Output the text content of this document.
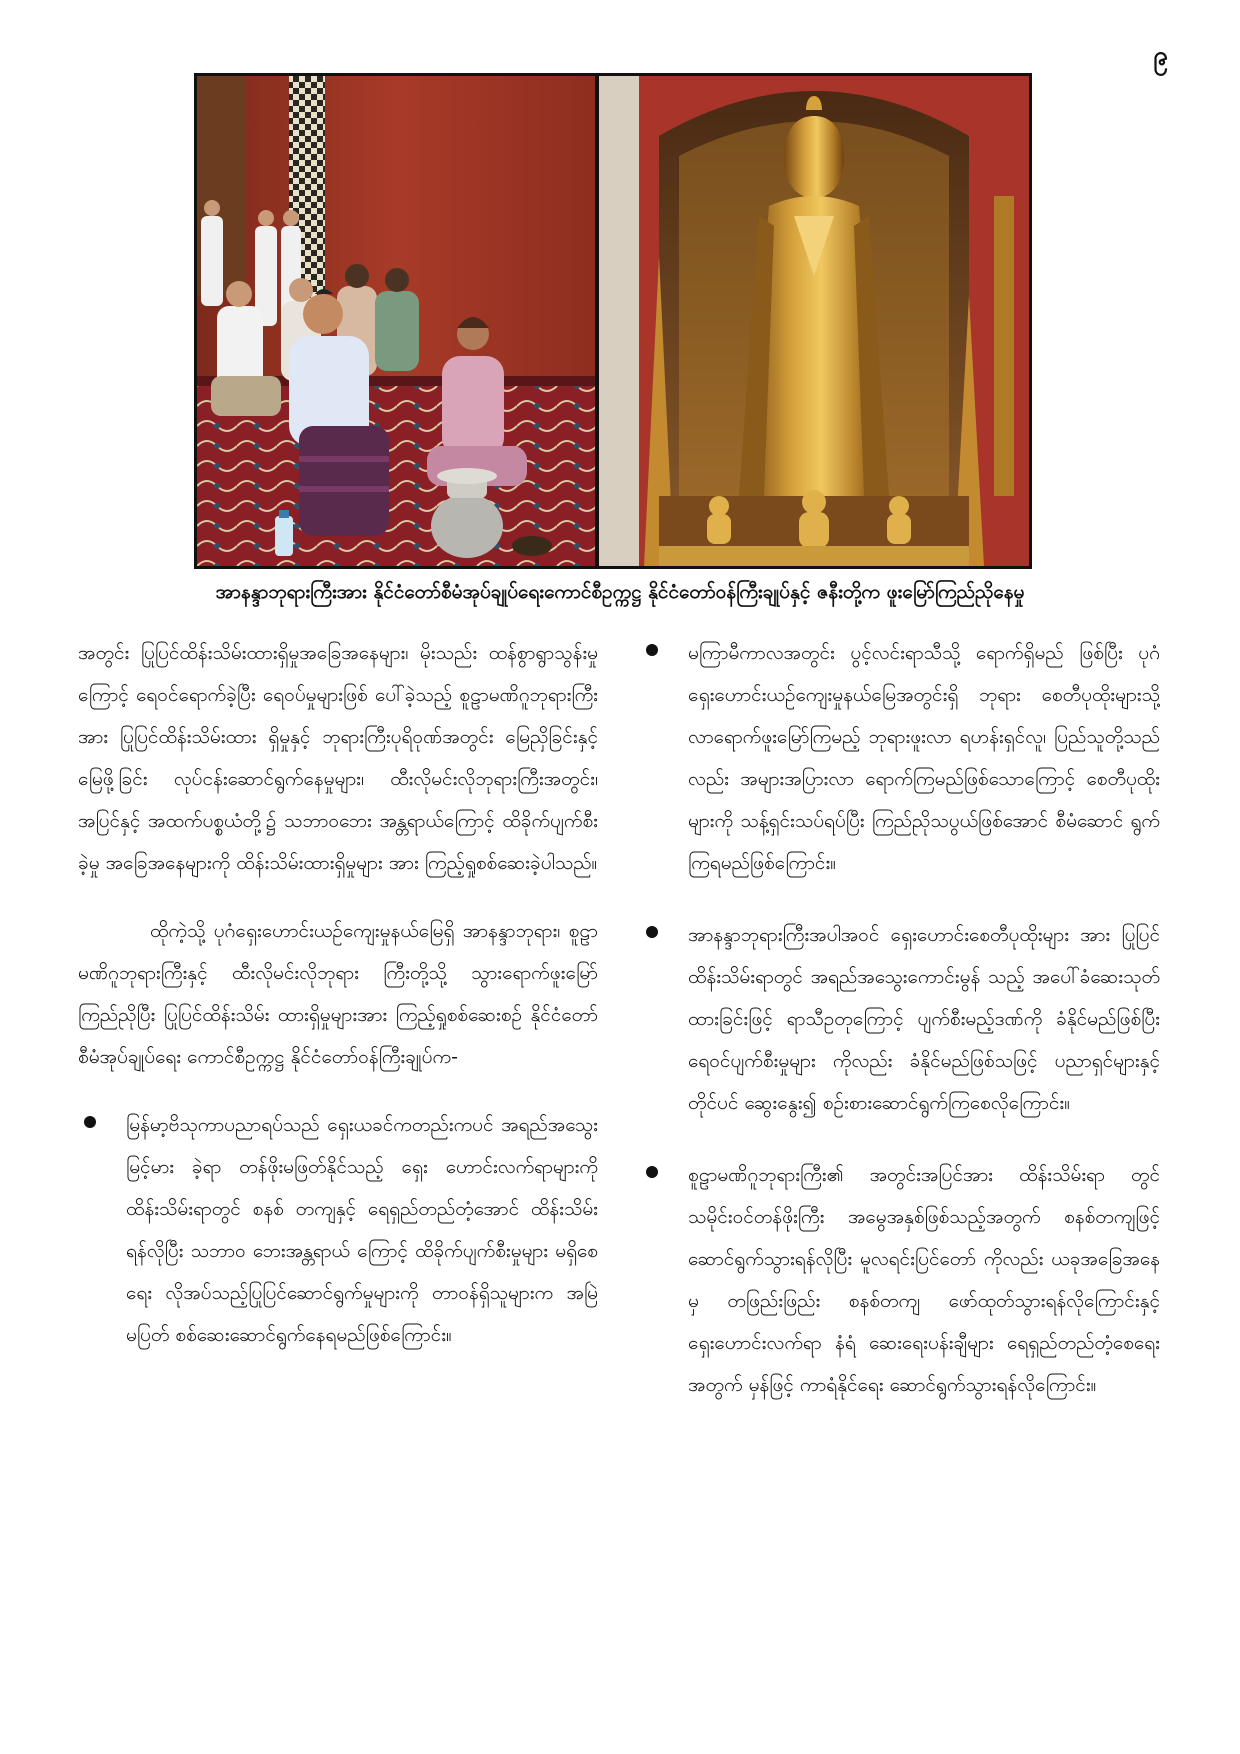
၉
အာနန္ဒာဘုရားကြီးအား နိုင်ငံတော်စီမံအုပ်ချုပ်ရေးကောင်စီဥက္ကဋ္ဌ နိုင်ငံတော်ဝန်ကြီးချုပ်နှင့် ဇနီးတို့က ဖူးမြော်ကြည်ညိုနေမှု

အတွင်း ပြုပြင်ထိန်းသိမ်းထားရှိမှုအခြေအနေများ၊ မိုးသည်း ထန်စွာရွာသွန်းမှုကြောင့် ရေဝင်ရောက်ခဲ့ပြီး ရေဝပ်မှုများဖြစ် ပေါ်ခဲ့သည့် စူဠာမဏိဂူဘုရားကြီးအား ပြုပြင်ထိန်းသိမ်းထား ရှိမှုနှင့် ဘုရားကြီးပုရိဝုဏ်အတွင်း မြေညှိခြင်းနှင့် မြေဖို့ခြင်း လုပ်ငန်းဆောင်ရွက်နေမှုများ၊ ထီးလိုမင်းလိုဘုရားကြီးအတွင်း၊ အပြင်နှင့် အထက်ပစ္စယံတို့၌ သဘာဝဘေး အန္တရာယ်ကြောင့် ထိခိုက်ပျက်စီးခဲ့မှု အခြေအနေများကို ထိန်းသိမ်းထားရှိမှုများ အား ကြည့်ရှုစစ်ဆေးခဲ့ပါသည်။

ထိုကဲ့သို့ ပုဂံရှေးဟောင်းယဉ်ကျေးမှုနယ်မြေရှိ အာနန္ဒာဘုရား၊ စူဠာမဏိဂူဘုရားကြီးနှင့် ထီးလိုမင်းလိုဘုရား ကြီးတို့သို့ သွားရောက်ဖူးမြော်ကြည်ညိုပြီး ပြုပြင်ထိန်းသိမ်း ထားရှိမှုများအား ကြည့်ရှုစစ်ဆေးစဉ် နိုင်ငံတော်စီမံအုပ်ချုပ်ရေး ကောင်စီဥက္ကဋ္ဌ နိုင်ငံတော်ဝန်ကြီးချုပ်က-

မြန်မာ့ဗိသုကာပညာရပ်သည် ရှေးယခင်ကတည်းကပင် အရည်အသွေးမြင့်မား ခဲ့ရာ တန်ဖိုးမဖြတ်နိုင်သည့် ရှေး ဟောင်းလက်ရာများကို ထိန်းသိမ်းရာတွင် စနစ် တကျနှင့် ရေရှည်တည်တံ့အောင် ထိန်းသိမ်းရန်လိုပြီး သဘာဝ ဘေးအန္တရာယ် ကြောင့် ထိခိုက်ပျက်စီးမှုများ မရှိစေရေး လိုအပ်သည့်ပြုပြင်ဆောင်ရွက်မှုများကို တာဝန်ရှိသူများက အမြဲမပြတ် စစ်ဆေးဆောင်ရွက်နေရမည်ဖြစ်ကြောင်း။
မကြာမီကာလအတွင်း ပွင့်လင်းရာသီသို့ ရောက်ရှိမည် ဖြစ်ပြီး ပုဂံရှေးဟောင်းယဉ်ကျေးမှုနယ်မြေအတွင်းရှိ ဘုရား စေတီပုထိုးများသို့ လာရောက်ဖူးမြော်ကြမည့် ဘုရားဖူးလာ ရဟန်းရှင်လူ၊ ပြည်သူတို့သည်လည်း အများအပြားလာ ရောက်ကြမည်ဖြစ်သောကြောင့် စေတီပုထိုးများကို သန့်ရှင်းသပ်ရပ်ပြီး ကြည်ညိုသပွယ်ဖြစ်အောင် စီမံဆောင် ရွက်ကြရမည်ဖြစ်ကြောင်း။
အာနန္ဒာဘုရားကြီးအပါအဝင် ရှေးဟောင်းစေတီပုထိုးများ အား ပြုပြင်ထိန်းသိမ်းရာတွင် အရည်အသွေးကောင်းမွန် သည့် အပေါ်ခံဆေးသုတ်ထားခြင်းဖြင့် ရာသီဥတုကြောင့် ပျက်စီးမည့်ဒဏ်ကို ခံနိုင်မည်ဖြစ်ပြီး ရေဝင်ပျက်စီးမှုများ ကိုလည်း ခံနိုင်မည်ဖြစ်သဖြင့် ပညာရှင်များနှင့် တိုင်ပင် ဆွေးနွေး၍ စဉ်းစားဆောင်ရွက်ကြစေလိုကြောင်း။
စူဠာမဏိဂူဘုရားကြီး၏ အတွင်းအပြင်အား ထိန်းသိမ်းရာ တွင် သမိုင်းဝင်တန်ဖိုးကြီး အမွေအနှစ်ဖြစ်သည့်အတွက် စနစ်တကျဖြင့် ဆောင်ရွက်သွားရန်လိုပြီး မူလရင်းပြင်တော် ကိုလည်း ယခုအခြေအနေမှ တဖြည်းဖြည်း စနစ်တကျ ဖော်ထုတ်သွားရန်လိုကြောင်းနှင့် ရှေးဟောင်းလက်ရာ နံရံ ဆေးရေးပန်းချီများ ရေရှည်တည်တံ့စေရေးအတွက် မှန်ဖြင့် ကာရံနိုင်ရေး ဆောင်ရွက်သွားရန်လိုကြောင်း။
